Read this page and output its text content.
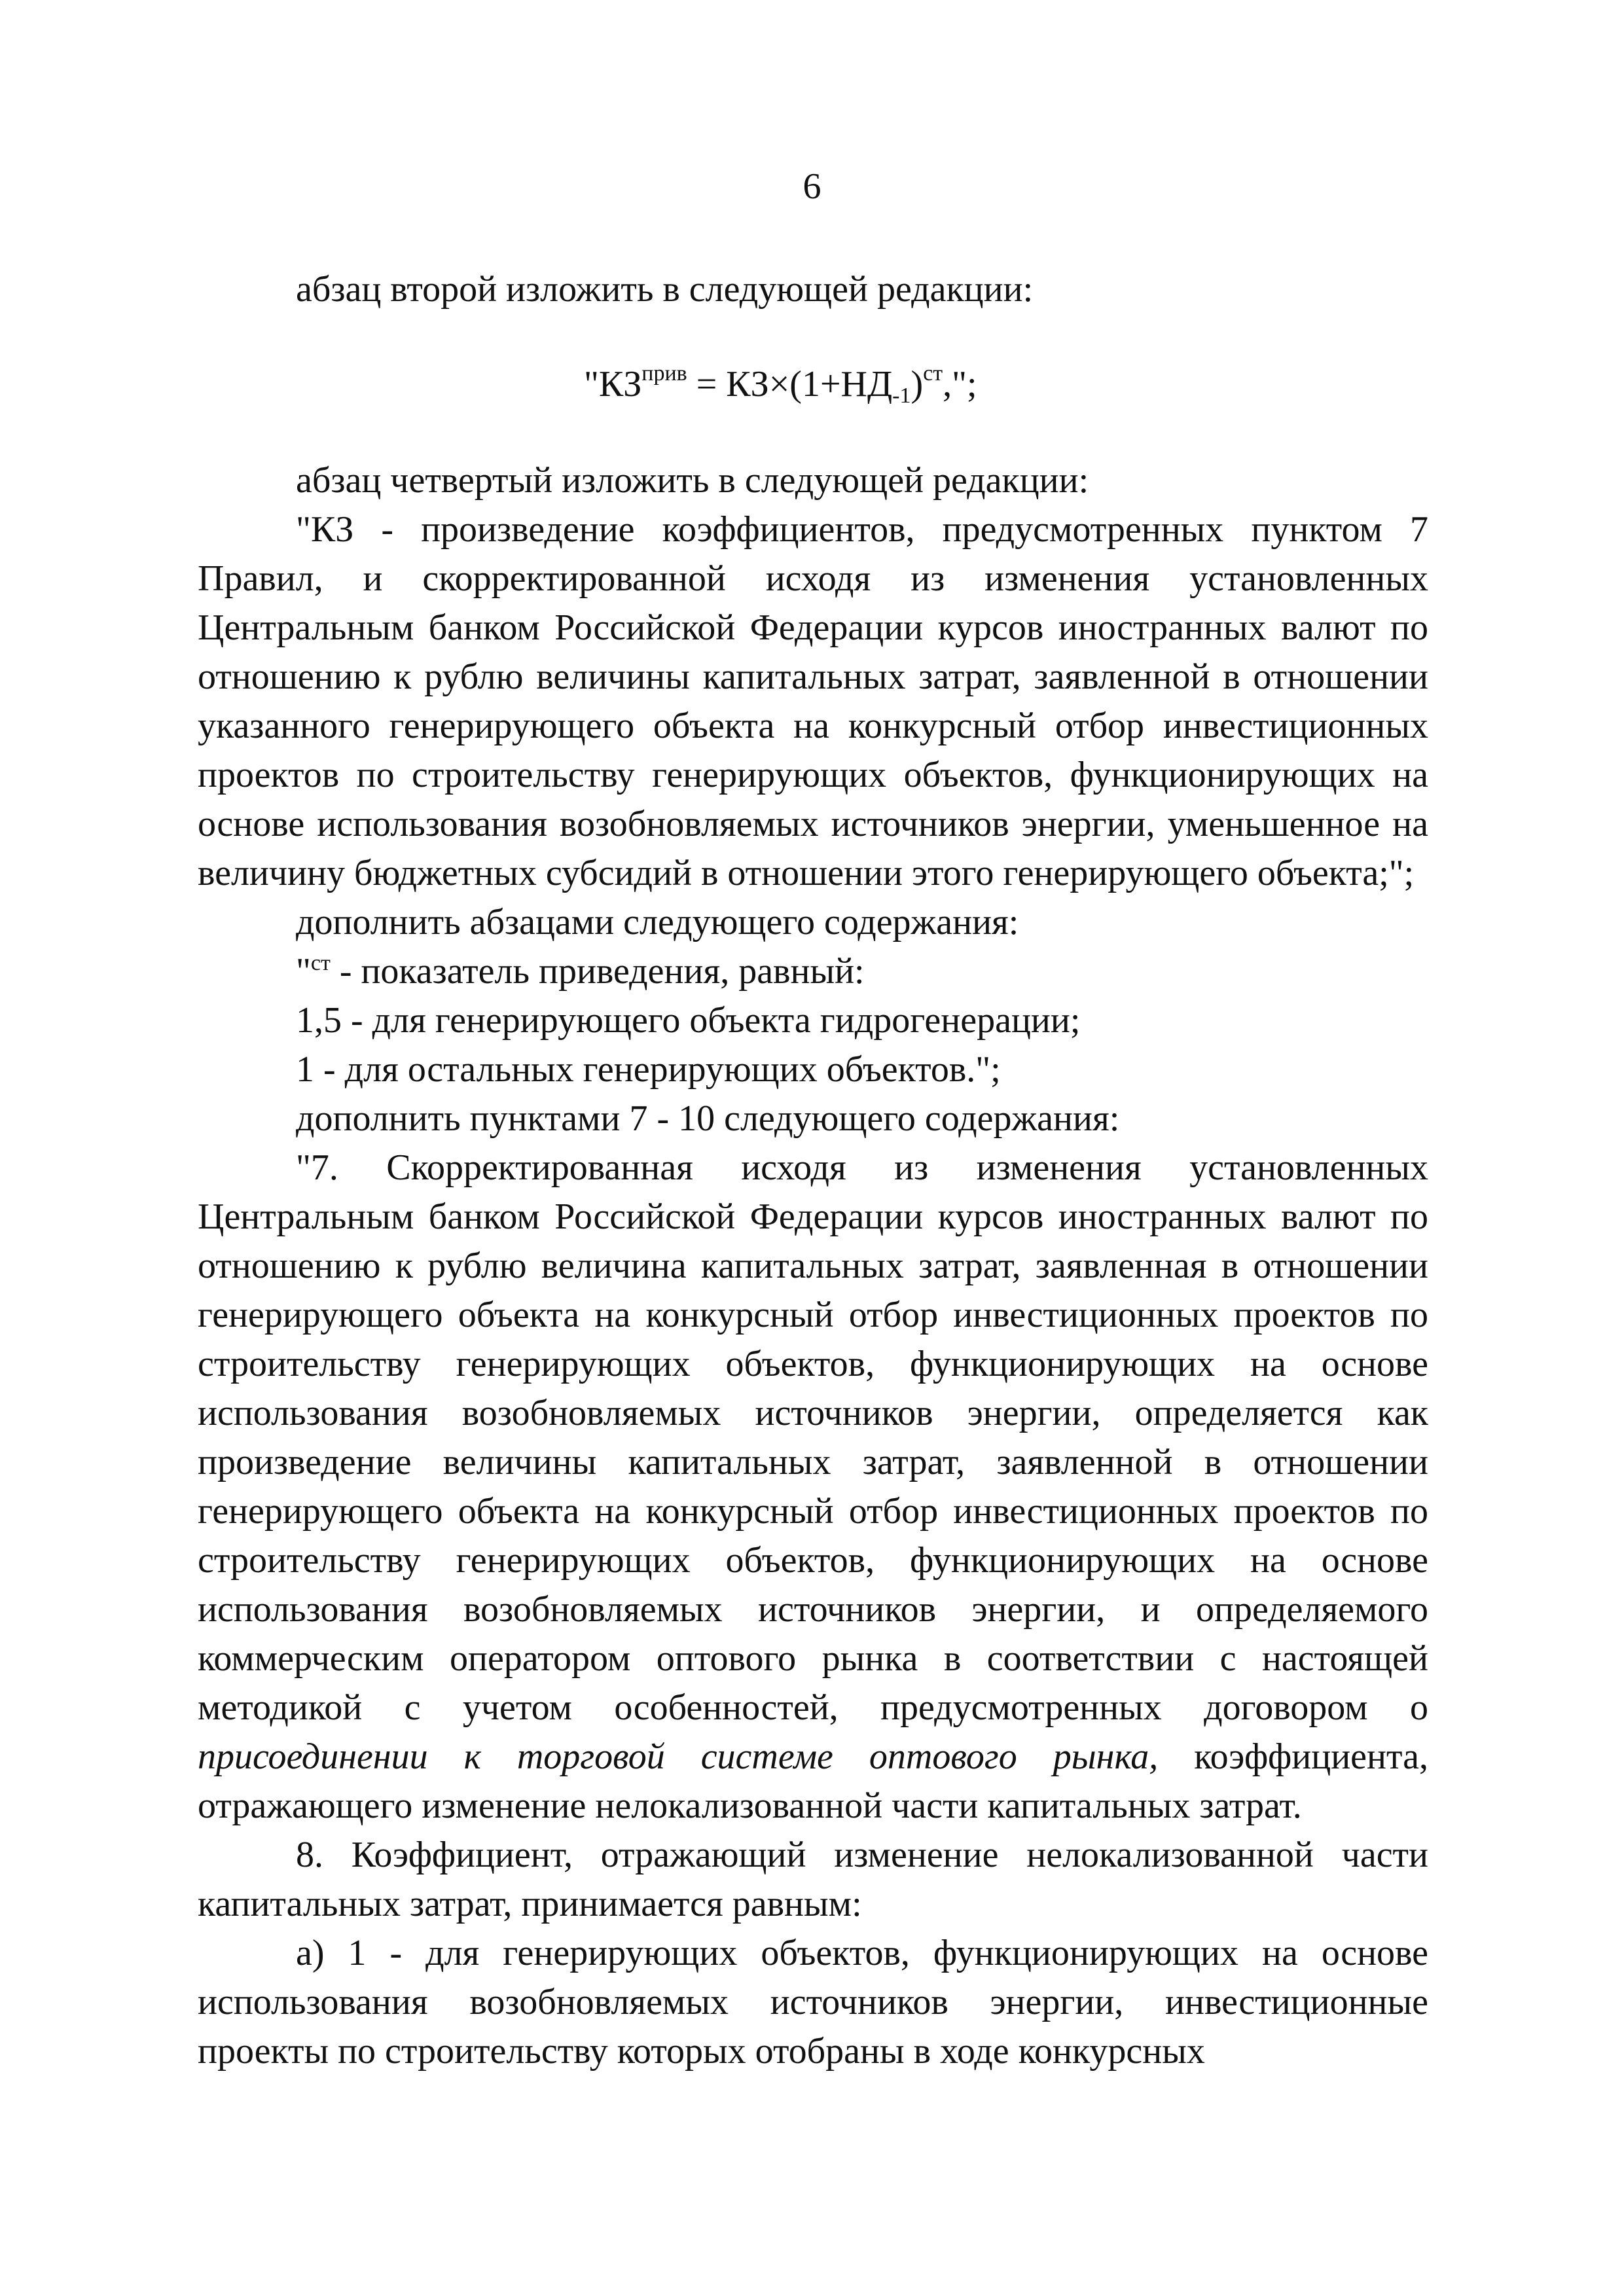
6

абзац второй изложить в следующей редакции:

"$КЗ^{прив} = КЗ\times(1+НД_{-1})^{ст}$,";

абзац четвертый изложить в следующей редакции:

"КЗ - произведение коэффициентов, предусмотренных пунктом 7 Правил, и скорректированной исходя из изменения установленных Центральным банком Российской Федерации курсов иностранных валют по отношению к рублю величины капитальных затрат, заявленной в отношении указанного генерирующего объекта на конкурсный отбор инвестиционных проектов по строительству генерирующих объектов, функционирующих на основе использования возобновляемых источников энергии, уменьшенное на величину бюджетных субсидий в отношении этого генерирующего объекта;";

дополнить абзацами следующего содержания:

"$^{ст}$ - показатель приведения, равный:

1,5 - для генерирующего объекта гидрогенерации;

1 - для остальных генерирующих объектов.";

дополнить пунктами 7 - 10 следующего содержания:

"7. Скорректированная исходя из изменения установленных Центральным банком Российской Федерации курсов иностранных валют по отношению к рублю величина капитальных затрат, заявленная в отношении генерирующего объекта на конкурсный отбор инвестиционных проектов по строительству генерирующих объектов, функционирующих на основе использования возобновляемых источников энергии, определяется как произведение величины капитальных затрат, заявленной в отношении генерирующего объекта на конкурсный отбор инвестиционных проектов по строительству генерирующих объектов, функционирующих на основе использования возобновляемых источников энергии, и определяемого коммерческим оператором оптового рынка в соответствии с настоящей методикой с учетом особенностей, предусмотренных договором о присоединении к торговой системе оптового рынка, коэффициента, отражающего изменение нелокализованной части капитальных затрат.

8. Коэффициент, отражающий изменение нелокализованной части капитальных затрат, принимается равным:

а) 1 - для генерирующих объектов, функционирующих на основе использования возобновляемых источников энергии, инвестиционные проекты по строительству которых отобраны в ходе конкурсных
